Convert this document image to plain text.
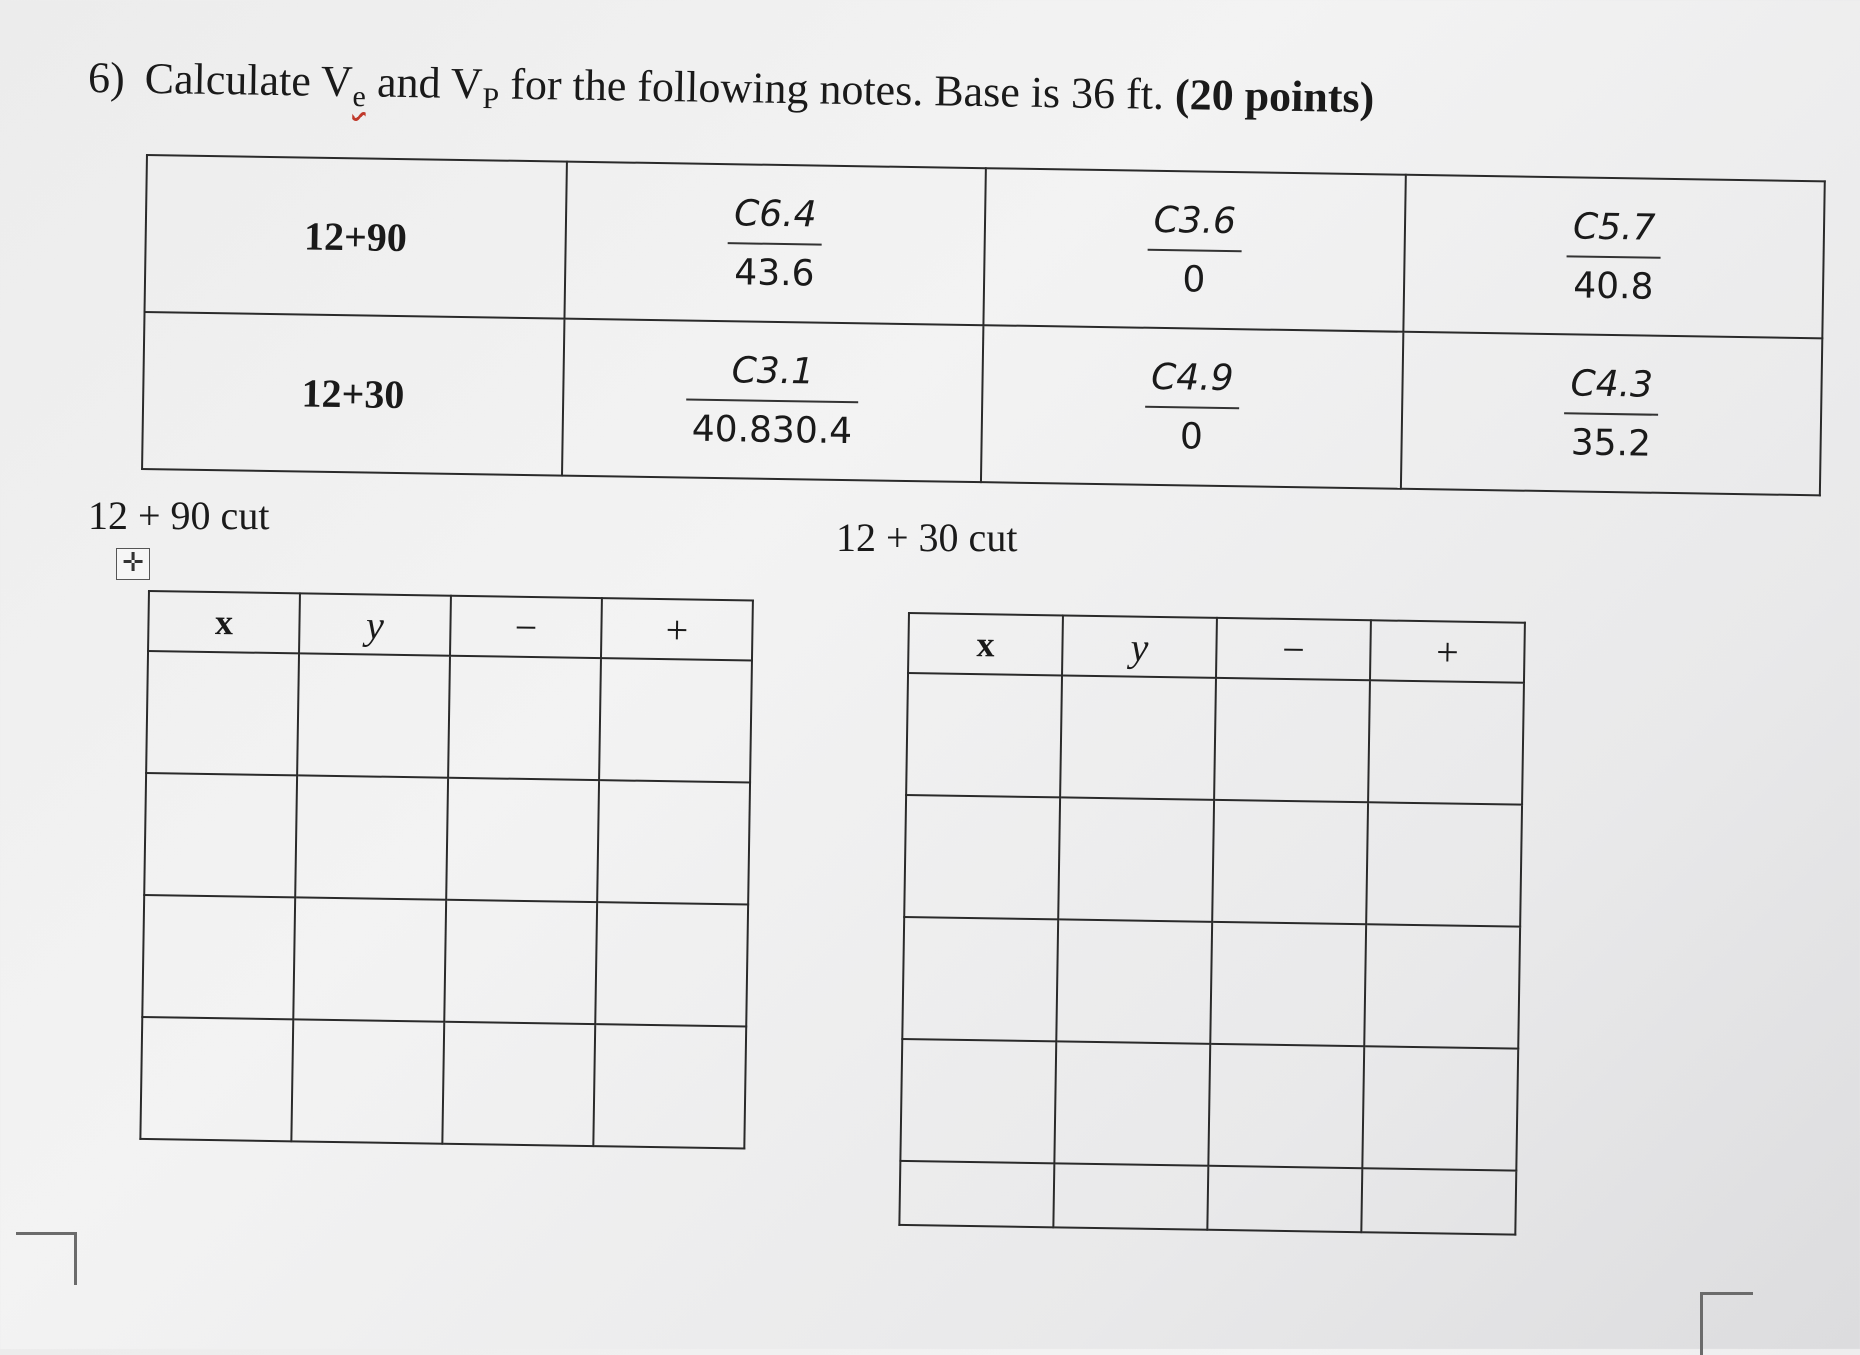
6) Calculate $V_e$ and $V_P$ for the following notes. Base is 36 ft. (20 points)
12+90	$\frac{C6.4}{43.6}$	$\frac{C3.6}{0}$	$\frac{C5.7}{40.8}$

12+30	$\frac{C3.1}{40.830.4}$	$\frac{C4.9}{0}$	$\frac{C4.3}{35.2}$
12 + 90 cut	12 + 30 cut
✛
x	y	−	+

				x	y	−	+
